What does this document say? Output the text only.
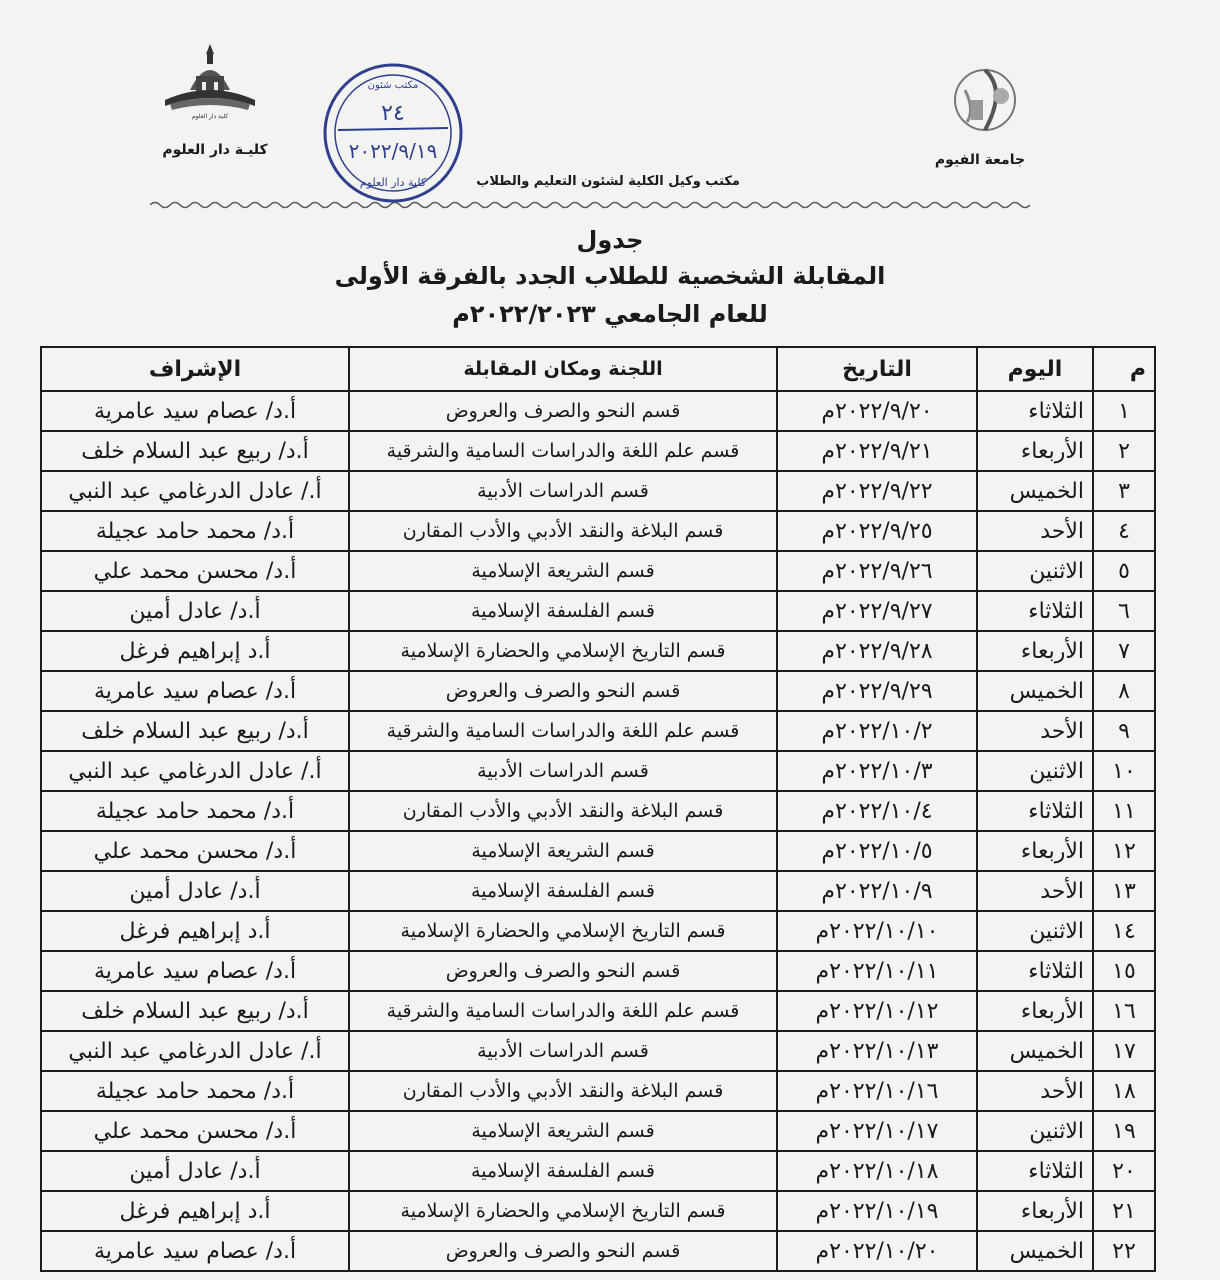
كلية دار العلوم
كليـة دار العلوم
جامعة الفيوم
مكتب وكيل الكلية لشئون التعليم والطلاب
مكتب شئون
٢٤
٢٠٢٢/٩/١٩
كلية دار العلوم
جدول
المقابلة الشخصية للطلاب الجدد بالفرقة الأولى
للعام الجامعي ٢٠٢٢/٢٠٢٣م
م	اليوم	التاريخ	اللجنة ومكان المقابلة	الإشراف
١	الثلاثاء	٢٠٢٢/٩/٢٠م	قسم النحو والصرف والعروض	أ.د/ عصام سيد عامرية
٢	الأربعاء	٢٠٢٢/٩/٢١م	قسم علم اللغة والدراسات السامية والشرقية	أ.د/ ربيع عبد السلام خلف
٣	الخميس	٢٠٢٢/٩/٢٢م	قسم الدراسات الأدبية	أ./ عادل الدرغامي عبد النبي
٤	الأحد	٢٠٢٢/٩/٢٥م	قسم البلاغة والنقد الأدبي والأدب المقارن	أ.د/ محمد حامد عجيلة
٥	الاثنين	٢٠٢٢/٩/٢٦م	قسم الشريعة الإسلامية	أ.د/ محسن محمد علي
٦	الثلاثاء	٢٠٢٢/٩/٢٧م	قسم الفلسفة الإسلامية	أ.د/ عادل أمين
٧	الأربعاء	٢٠٢٢/٩/٢٨م	قسم التاريخ الإسلامي والحضارة الإسلامية	أ.د إبراهيم فرغل
٨	الخميس	٢٠٢٢/٩/٢٩م	قسم النحو والصرف والعروض	أ.د/ عصام سيد عامرية
٩	الأحد	٢٠٢٢/١٠/٢م	قسم علم اللغة والدراسات السامية والشرقية	أ.د/ ربيع عبد السلام خلف
١٠	الاثنين	٢٠٢٢/١٠/٣م	قسم الدراسات الأدبية	أ./ عادل الدرغامي عبد النبي
١١	الثلاثاء	٢٠٢٢/١٠/٤م	قسم البلاغة والنقد الأدبي والأدب المقارن	أ.د/ محمد حامد عجيلة
١٢	الأربعاء	٢٠٢٢/١٠/٥م	قسم الشريعة الإسلامية	أ.د/ محسن محمد علي
١٣	الأحد	٢٠٢٢/١٠/٩م	قسم الفلسفة الإسلامية	أ.د/ عادل أمين
١٤	الاثنين	٢٠٢٢/١٠/١٠م	قسم التاريخ الإسلامي والحضارة الإسلامية	أ.د إبراهيم فرغل
١٥	الثلاثاء	٢٠٢٢/١٠/١١م	قسم النحو والصرف والعروض	أ.د/ عصام سيد عامرية
١٦	الأربعاء	٢٠٢٢/١٠/١٢م	قسم علم اللغة والدراسات السامية والشرقية	أ.د/ ربيع عبد السلام خلف
١٧	الخميس	٢٠٢٢/١٠/١٣م	قسم الدراسات الأدبية	أ./ عادل الدرغامي عبد النبي
١٨	الأحد	٢٠٢٢/١٠/١٦م	قسم البلاغة والنقد الأدبي والأدب المقارن	أ.د/ محمد حامد عجيلة
١٩	الاثنين	٢٠٢٢/١٠/١٧م	قسم الشريعة الإسلامية	أ.د/ محسن محمد علي
٢٠	الثلاثاء	٢٠٢٢/١٠/١٨م	قسم الفلسفة الإسلامية	أ.د/ عادل أمين
٢١	الأربعاء	٢٠٢٢/١٠/١٩م	قسم التاريخ الإسلامي والحضارة الإسلامية	أ.د إبراهيم فرغل
٢٢	الخميس	٢٠٢٢/١٠/٢٠م	قسم النحو والصرف والعروض	أ.د/ عصام سيد عامرية
